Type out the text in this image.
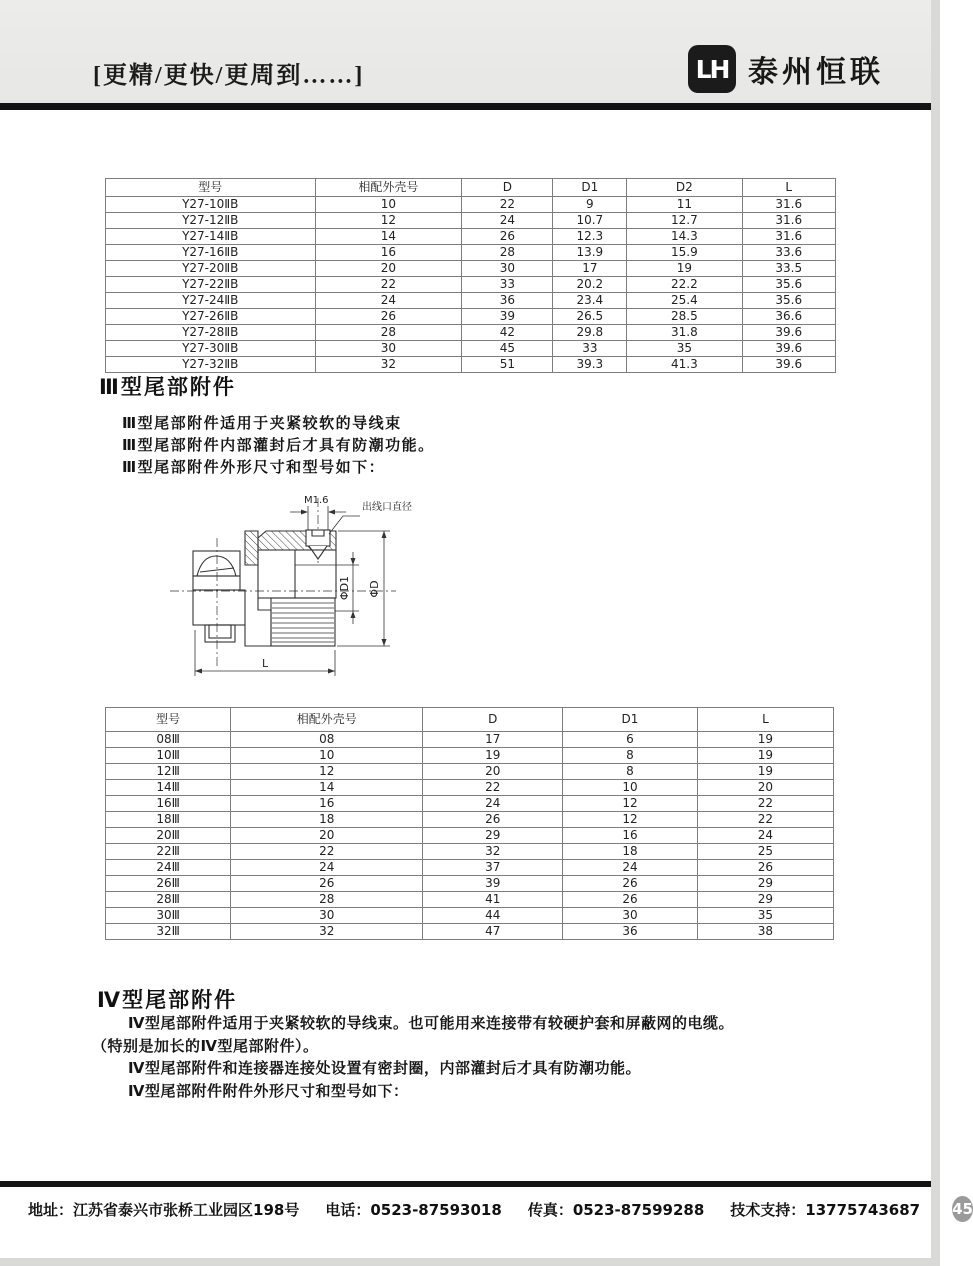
[更精/更快/更周到……]	LH 泰州恒联
型号	相配外壳号	D	D1	D2	L
Y27-10ⅡB	10	22	9	11	31.6
Y27-12ⅡB	12	24	10.7	12.7	31.6
Y27-14ⅡB	14	26	12.3	14.3	31.6
Y27-16ⅡB	16	28	13.9	15.9	33.6
Y27-20ⅡB	20	30	17	19	33.5
Y27-22ⅡB	22	33	20.2	22.2	35.6
Y27-24ⅡB	24	36	23.4	25.4	35.6
Y27-26ⅡB	26	39	26.5	28.5	36.6
Y27-28ⅡB	28	42	29.8	31.8	39.6
Y27-30ⅡB	30	45	33	35	39.6
Y27-32ⅡB	32	51	39.3	41.3	39.6
Ⅲ型尾部附件
Ⅲ型尾部附件适用于夹紧较软的导线束
Ⅲ型尾部附件内部灌封后才具有防潮功能。
Ⅲ型尾部附件外形尺寸和型号如下：
M1.6
出线口直径
ΦD1 ΦD
L
型号	相配外壳号	D	D1	L
08Ⅲ	08	17	6	19
10Ⅲ	10	19	8	19
12Ⅲ	12	20	8	19
14Ⅲ	14	22	10	20
16Ⅲ	16	24	12	22
18Ⅲ	18	26	12	22
20Ⅲ	20	29	16	24
22Ⅲ	22	32	18	25
24Ⅲ	24	37	24	26
26Ⅲ	26	39	26	29
28Ⅲ	28	41	26	29
30Ⅲ	30	44	30	35
32Ⅲ	32	47	36	38
Ⅳ型尾部附件
Ⅳ型尾部附件适用于夹紧较软的导线束。也可能用来连接带有较硬护套和屏蔽网的电缆。
（特别是加长的Ⅳ型尾部附件）。
Ⅳ型尾部附件和连接器连接处设置有密封圈，内部灌封后才具有防潮功能。
Ⅳ型尾部附件附件外形尺寸和型号如下：
地址：江苏省泰兴市张桥工业园区198号 电话：0523-87593018 传真：0523-87599288 技术支持：13775743687 45
